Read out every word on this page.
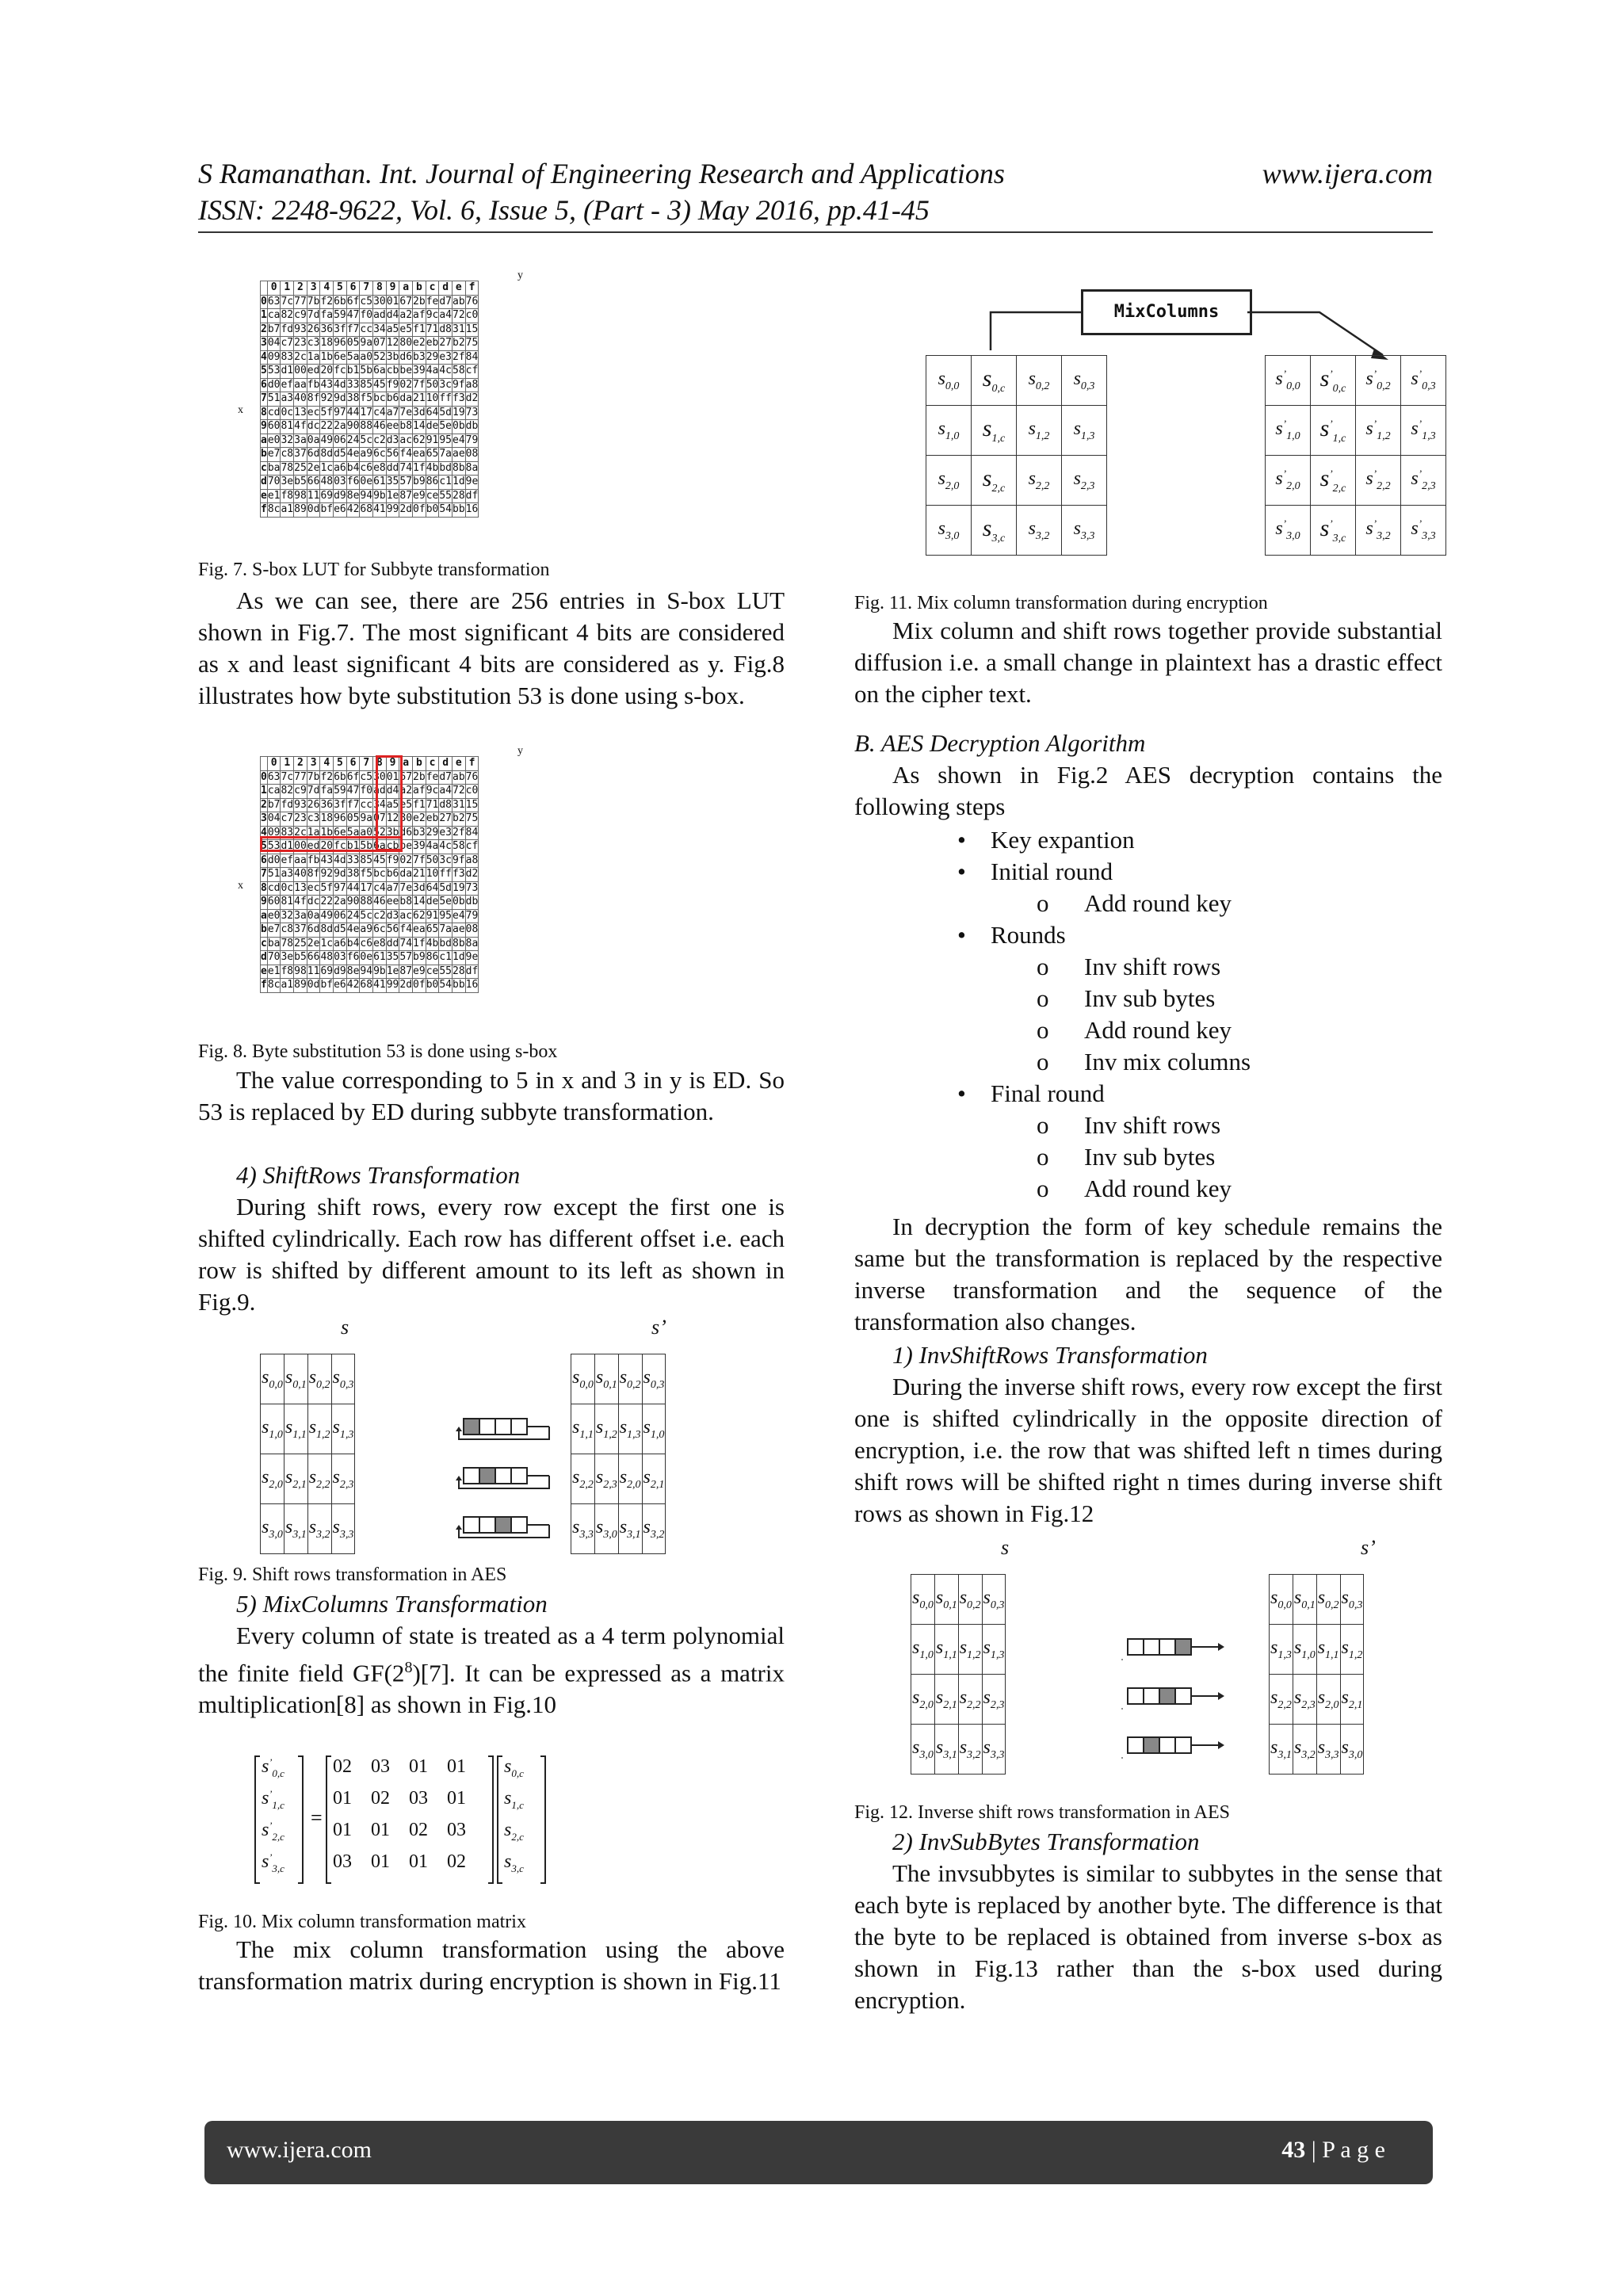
S Ramanathan. Int. Journal of Engineering Research and Applications	www.ijera.com
ISSN: 2248-9622, Vol. 6, Issue 5, (Part - 3) May 2016, pp.41-45
y
x
	0	1	2	3	4	5	6	7	8	9	a	b	c	d	e	f
0	63	7c	77	7b	f2	6b	6f	c5	30	01	67	2b	fe	d7	ab	76
1	ca	82	c9	7d	fa	59	47	f0	ad	d4	a2	af	9c	a4	72	c0
2	b7	fd	93	26	36	3f	f7	cc	34	a5	e5	f1	71	d8	31	15
3	04	c7	23	c3	18	96	05	9a	07	12	80	e2	eb	27	b2	75
4	09	83	2c	1a	1b	6e	5a	a0	52	3b	d6	b3	29	e3	2f	84
5	53	d1	00	ed	20	fc	b1	5b	6a	cb	be	39	4a	4c	58	cf
6	d0	ef	aa	fb	43	4d	33	85	45	f9	02	7f	50	3c	9f	a8
7	51	a3	40	8f	92	9d	38	f5	bc	b6	da	21	10	ff	f3	d2
8	cd	0c	13	ec	5f	97	44	17	c4	a7	7e	3d	64	5d	19	73
9	60	81	4f	dc	22	2a	90	88	46	ee	b8	14	de	5e	0b	db
a	e0	32	3a	0a	49	06	24	5c	c2	d3	ac	62	91	95	e4	79
b	e7	c8	37	6d	8d	d5	4e	a9	6c	56	f4	ea	65	7a	ae	08
c	ba	78	25	2e	1c	a6	b4	c6	e8	dd	74	1f	4b	bd	8b	8a
d	70	3e	b5	66	48	03	f6	0e	61	35	57	b9	86	c1	1d	9e
e	e1	f8	98	11	69	d9	8e	94	9b	1e	87	e9	ce	55	28	df
f	8c	a1	89	0d	bf	e6	42	68	41	99	2d	0f	b0	54	bb	16
Fig. 7. S-box LUT for Subbyte transformation
As we can see, there are 256 entries in S-box LUT shown in Fig.7. The most significant 4 bits are considered as x and least significant 4 bits are considered as y. Fig.8 illustrates how byte substitution 53 is done using s-box.
y
x
	0	1	2	3	4	5	6	7	8	9	a	b	c	d	e	f
0	63	7c	77	7b	f2	6b	6f	c5	30	01	67	2b	fe	d7	ab	76
1	ca	82	c9	7d	fa	59	47	f0	ad	d4	a2	af	9c	a4	72	c0
2	b7	fd	93	26	36	3f	f7	cc	34	a5	e5	f1	71	d8	31	15
3	04	c7	23	c3	18	96	05	9a	07	12	80	e2	eb	27	b2	75
4	09	83	2c	1a	1b	6e	5a	a0	52	3b	d6	b3	29	e3	2f	84
5	53	d1	00	ed	20	fc	b1	5b	6a	cb	be	39	4a	4c	58	cf
6	d0	ef	aa	fb	43	4d	33	85	45	f9	02	7f	50	3c	9f	a8
7	51	a3	40	8f	92	9d	38	f5	bc	b6	da	21	10	ff	f3	d2
8	cd	0c	13	ec	5f	97	44	17	c4	a7	7e	3d	64	5d	19	73
9	60	81	4f	dc	22	2a	90	88	46	ee	b8	14	de	5e	0b	db
a	e0	32	3a	0a	49	06	24	5c	c2	d3	ac	62	91	95	e4	79
b	e7	c8	37	6d	8d	d5	4e	a9	6c	56	f4	ea	65	7a	ae	08
c	ba	78	25	2e	1c	a6	b4	c6	e8	dd	74	1f	4b	bd	8b	8a
d	70	3e	b5	66	48	03	f6	0e	61	35	57	b9	86	c1	1d	9e
e	e1	f8	98	11	69	d9	8e	94	9b	1e	87	e9	ce	55	28	df
f	8c	a1	89	0d	bf	e6	42	68	41	99	2d	0f	b0	54	bb	16
Fig. 8. Byte substitution 53 is done using s-box
The value corresponding to 5 in x and 3 in y is ED. So 53 is replaced by ED during subbyte transformation.
4) ShiftRows Transformation
During shift rows, every row except the first one is shifted cylindrically. Each row has different offset i.e. each row is shifted by different amount to its left as shown in Fig.9.
s	s’
$s_{0,0}$	$s_{0,1}$	$s_{0,2}$	$s_{0,3}$
$s_{1,0}$	$s_{1,1}$	$s_{1,2}$	$s_{1,3}$
$s_{2,0}$	$s_{2,1}$	$s_{2,2}$	$s_{2,3}$
$s_{3,0}$	$s_{3,1}$	$s_{3,2}$	$s_{3,3}$
$s_{0,0}$	$s_{0,1}$	$s_{0,2}$	$s_{0,3}$
$s_{1,1}$	$s_{1,2}$	$s_{1,3}$	$s_{1,0}$
$s_{2,2}$	$s_{2,3}$	$s_{2,0}$	$s_{2,1}$
$s_{3,3}$	$s_{3,0}$	$s_{3,1}$	$s_{3,2}$
Fig. 9. Shift rows transformation in AES
5) MixColumns Transformation
Every column of state is treated as a 4 term polynomial the finite field $GF(2^8)[7]$. It can be expressed as a matrix multiplication[8] as shown in Fig.10
=
$s^’_{0,c}$
$s^’_{1,c}$
$s^’_{2,c}$
$s^’_{3,c}$
02	03	01	01
01	02	03	01
01	01	02	03
03	01	01	02
$s_{0,c}$
$s_{1,c}$
$s_{2,c}$
$s_{3,c}$
Fig. 10. Mix column transformation matrix
The mix column transformation using the above transformation matrix during encryption is shown in Fig.11
MixColumns
$s_{0,0}$	$s_{0,c}$	$s_{0,2}$	$s_{0,3}$
$s_{1,0}$	$s_{1,c}$	$s_{1,2}$	$s_{1,3}$
$s_{2,0}$	$s_{2,c}$	$s_{2,2}$	$s_{2,3}$
$s_{3,0}$	$s_{3,c}$	$s_{3,2}$	$s_{3,3}$
$s^’_{0,0}$	$s^’_{0,c}$	$s^’_{0,2}$	$s^’_{0,3}$
$s^’_{1,0}$	$s^’_{1,c}$	$s^’_{1,2}$	$s^’_{1,3}$
$s^’_{2,0}$	$s^’_{2,c}$	$s^’_{2,2}$	$s^’_{2,3}$
$s^’_{3,0}$	$s^’_{3,c}$	$s^’_{3,2}$	$s^’_{3,3}$
Fig. 11. Mix column transformation during encryption
Mix column and shift rows together provide substantial diffusion i.e. a small change in plaintext has a drastic effect on the cipher text.
B. AES Decryption Algorithm
As shown in Fig.2 AES decryption contains the following steps
• Key expantion
• Initial round
o Add round key
• Rounds
o Inv shift rows
o Inv sub bytes
o Add round key
o Inv mix columns
• Final round
o Inv shift rows
o Inv sub bytes
o Add round key
In decryption the form of key schedule remains the same but the transformation is replaced by the respective inverse transformation and the sequence of the transformation also changes.
1) InvShiftRows Transformation
During the inverse shift rows, every row except the first one is shifted cylindrically in the opposite direction of encryption, i.e. the row that was shifted left n times during shift rows will be shifted right n times during inverse shift rows as shown in Fig.12
s	s’
$s_{0,0}$	$s_{0,1}$	$s_{0,2}$	$s_{0,3}$
$s_{1,0}$	$s_{1,1}$	$s_{1,2}$	$s_{1,3}$
$s_{2,0}$	$s_{2,1}$	$s_{2,2}$	$s_{2,3}$
$s_{3,0}$	$s_{3,1}$	$s_{3,2}$	$s_{3,3}$
$s_{0,0}$	$s_{0,1}$	$s_{0,2}$	$s_{0,3}$
$s_{1,3}$	$s_{1,0}$	$s_{1,1}$	$s_{1,2}$
$s_{2,2}$	$s_{2,3}$	$s_{2,0}$	$s_{2,1}$
$s_{3,1}$	$s_{3,2}$	$s_{3,3}$	$s_{3,0}$
Fig. 12. Inverse shift rows transformation in AES
2) InvSubBytes Transformation
The invsubbytes is similar to subbytes in the sense that each byte is replaced by another byte. The difference is that the byte to be replaced is obtained from inverse s-box as shown in Fig.13 rather than the s-box used during encryption.
www.ijera.com	43 | P a g e
